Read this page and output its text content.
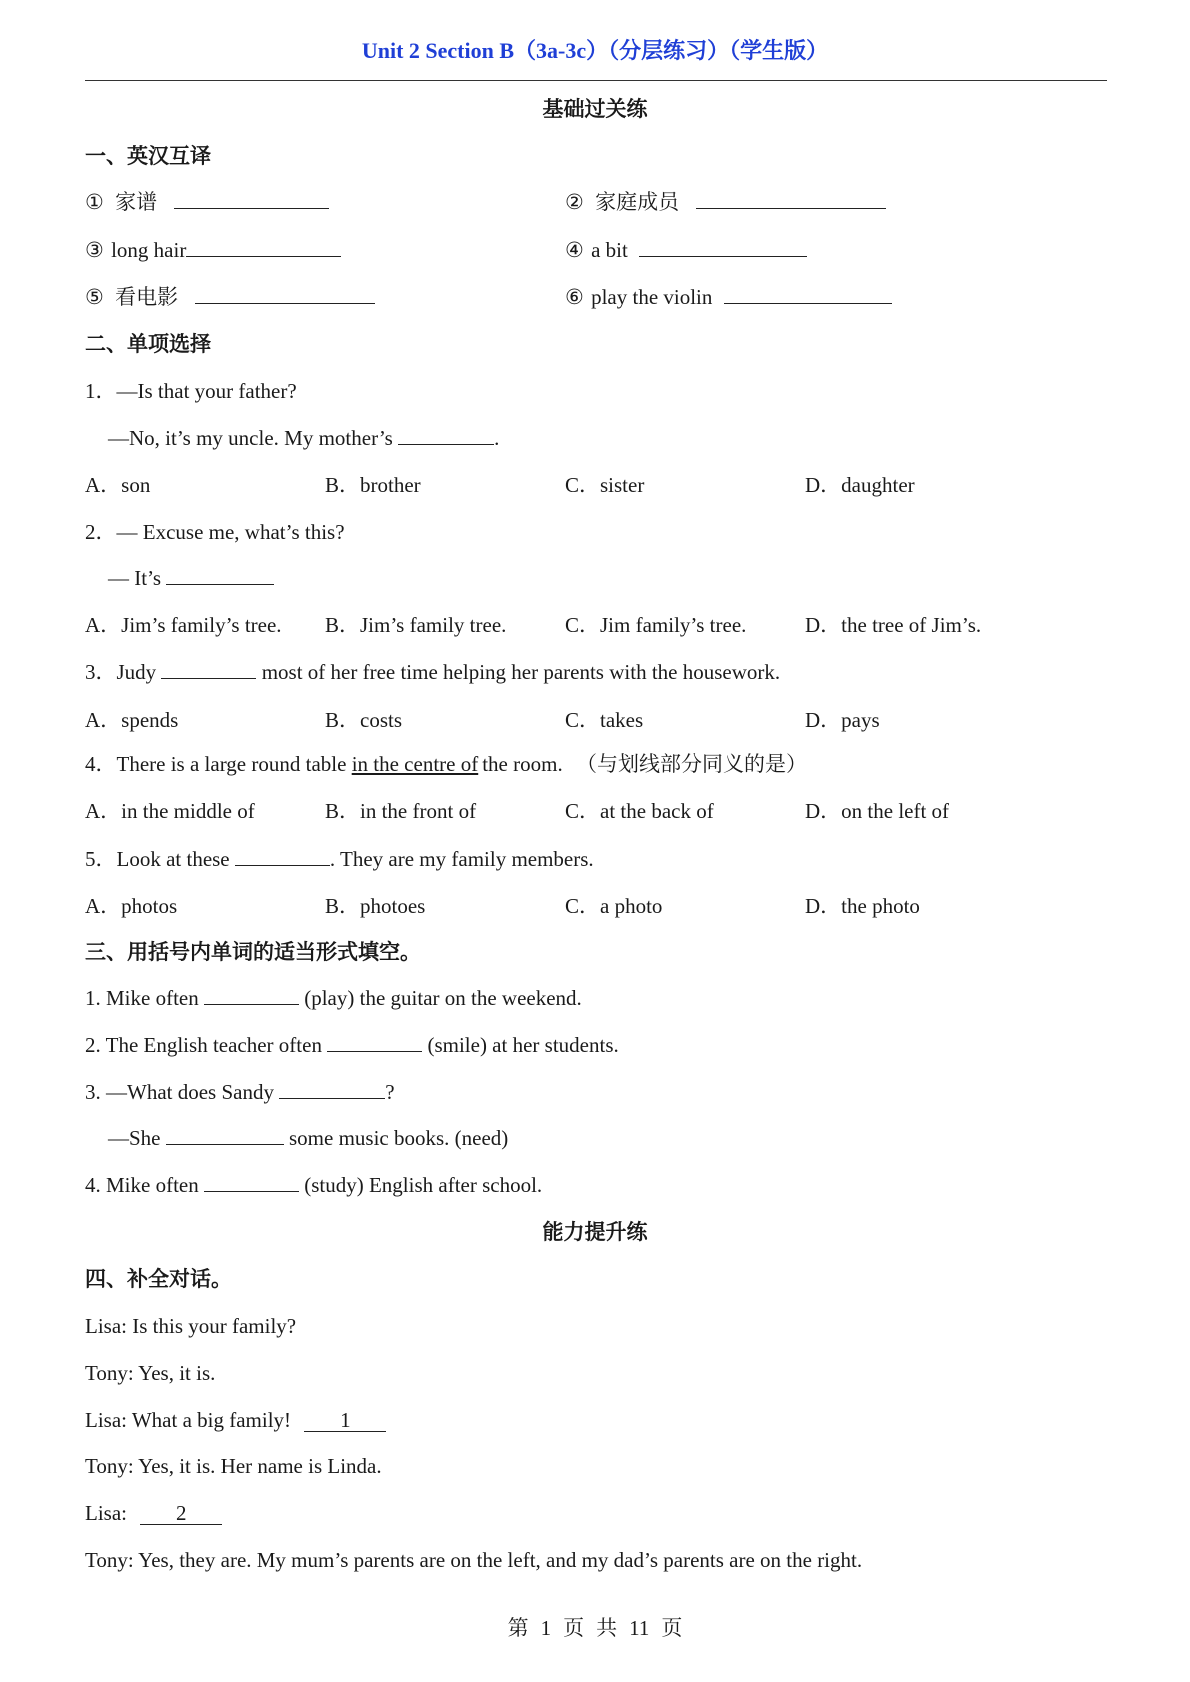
Unit 2 Section B（3a-3c）（分层练习）（学生版）
基础过关练
一、英汉互译
① 家谱	② 家庭成员
③ long hair	④ a bit
⑤ 看电影	⑥ play the violin
二、单项选择
1．—Is that your father?
—No, it’s my uncle. My mother’s	.
A．son	B．brother	C．sister	D．daughter
2．— Excuse me, what’s this?
— It’s
A．Jim’s family’s tree. B．Jim’s family tree.	C．Jim family’s tree.	D．the tree of Jim’s.
3．Judy	most of her free time helping her parents with the housework.
A．spends	B．costs	C．takes	D．pays
4．There is a large round table in the centre of the room. （与划线部分同义的是）
A．in the middle of	B．in the front of	C．at the back of	D．on the left of
5．Look at these	. They are my family members.
A．photos	B．photoes	C．a photo	D．the photo
三、用括号内单词的适当形式填空。
1. Mike often	(play) the guitar on the weekend.
2. The English teacher often	(smile) at her students.
3. —What does Sandy	?
—She	some music books. (need)
4. Mike often	(study) English after school.
能力提升练
四、补全对话。
Lisa: Is this your family?
Tony: Yes, it is.
Lisa: What a big family! 1
Tony: Yes, it is. Her name is Linda.
Lisa: 2
Tony: Yes, they are. My mum’s parents are on the left, and my dad’s parents are on the right.
第 1 页 共 11 页
